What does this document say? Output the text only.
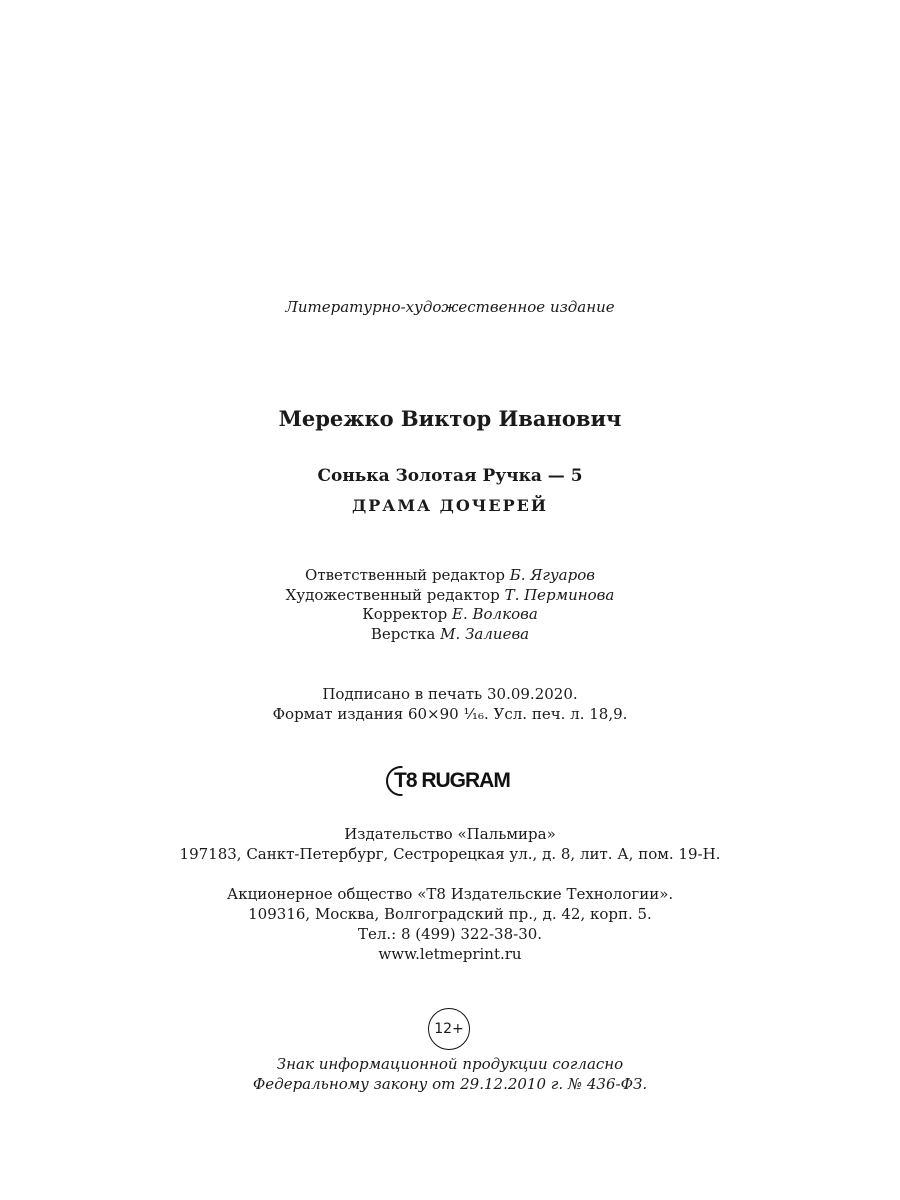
Литературно-художественное издание
Мережко Виктор Иванович
Сонька Золотая Ручка — 5
ДРАМА ДОЧЕРЕЙ
Ответственный редактор Б. Ягуаров
Художественный редактор Т. Перминова
Корректор Е. Волкова
Верстка М. Залиева
Подписано в печать 30.09.2020.
Формат издания 60×90 ¹⁄₁₆. Усл. печ. л. 18,9.
T8 RUGRAM
Издательство «Пальмира»
197183, Санкт-Петербург, Сестрорецкая ул., д. 8, лит. А, пом. 19-Н.
Акционерное общество «T8 Издательские Технологии».
109316, Москва, Волгоградский пр., д. 42, корп. 5.
Тел.: 8 (499) 322-38-30.
www.letmeprint.ru
12+
Знак информационной продукции согласно
Федеральному закону от 29.12.2010 г. № 436-ФЗ.
